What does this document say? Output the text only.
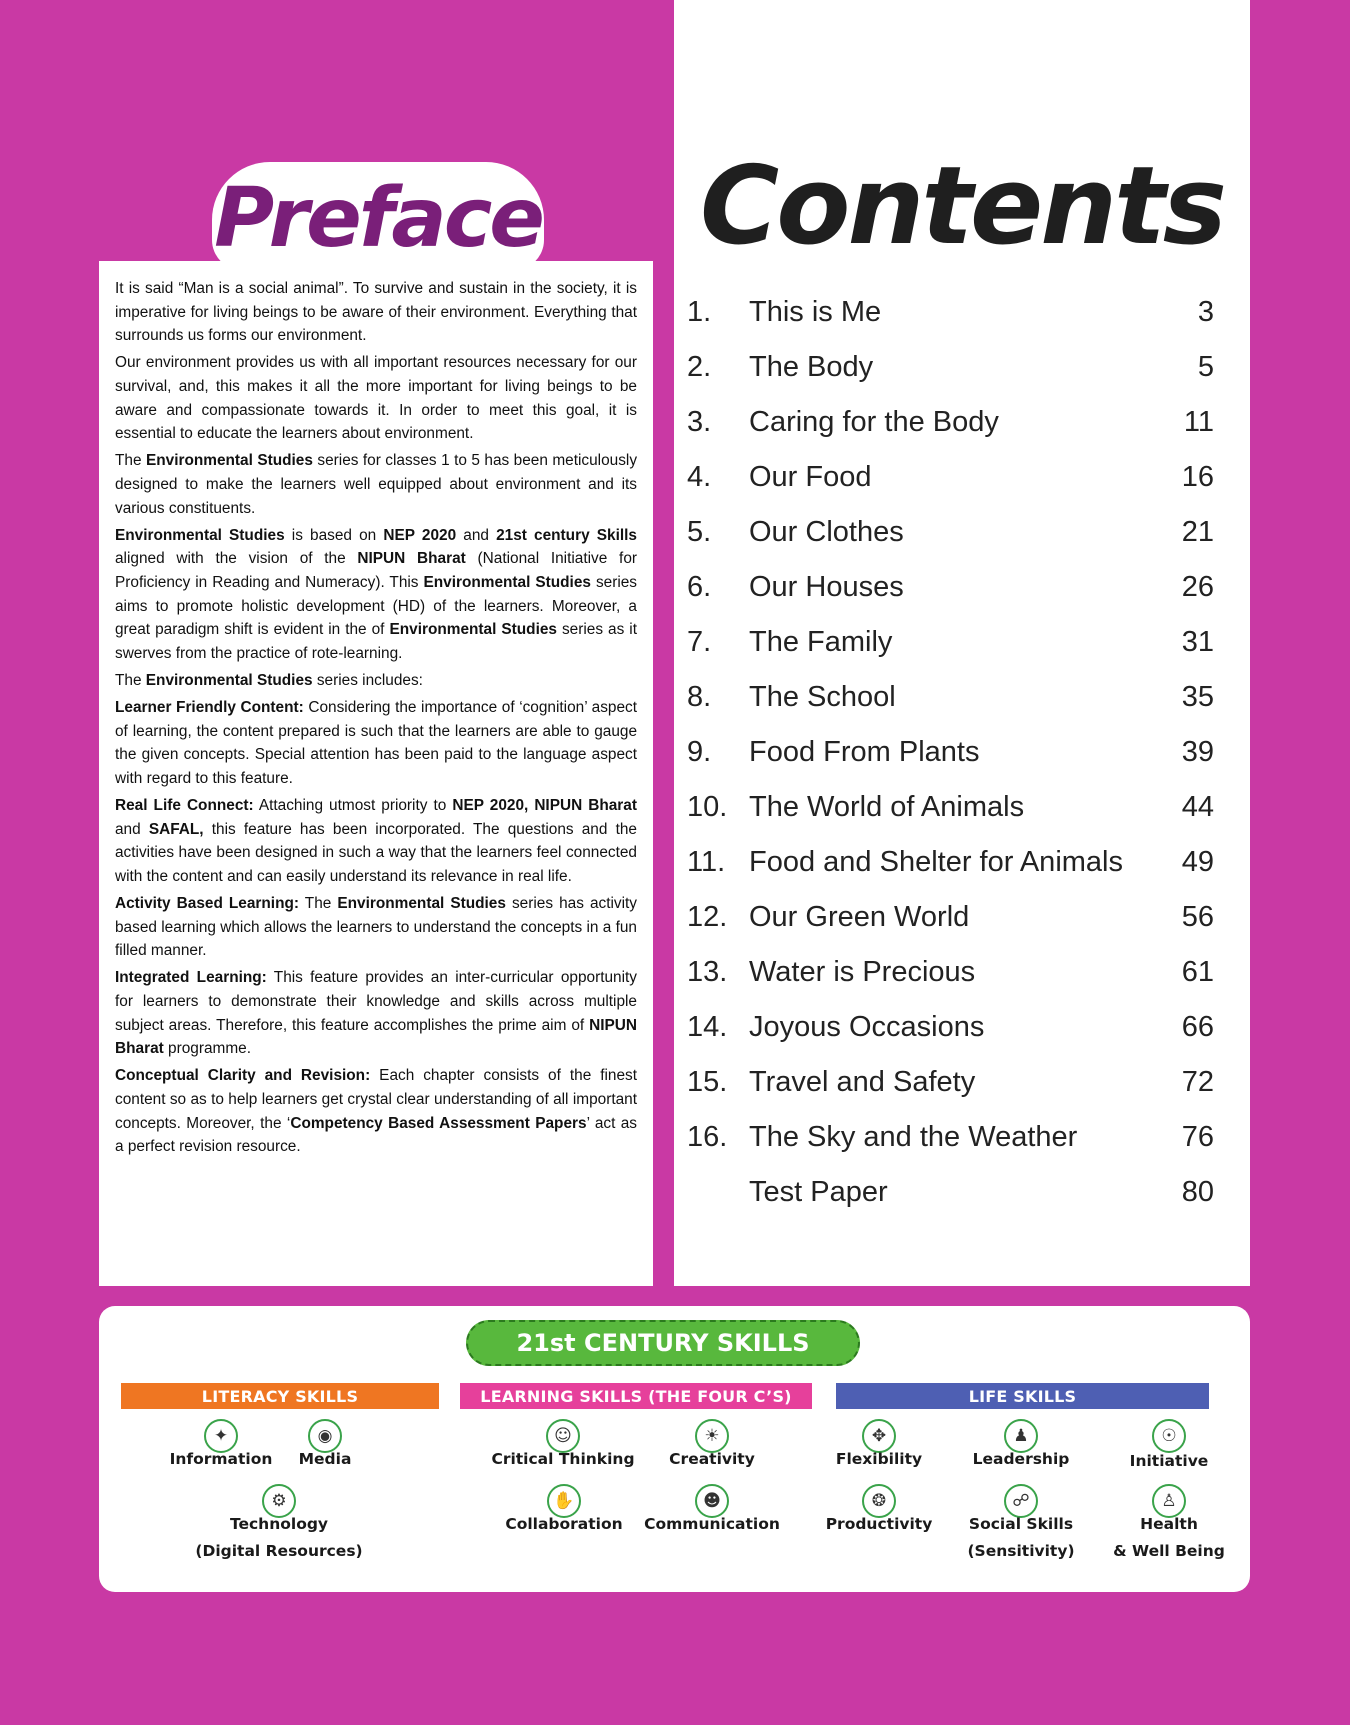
It is said “Man is a social animal”. To survive and sustain in the society, it is imperative for living beings to be aware of their environment. Everything that surrounds us forms our environment.

Our environment provides us with all important resources necessary for our survival, and, this makes it all the more important for living beings to be aware and compassionate towards it. In order to meet this goal, it is essential to educate the learners about environment.

The Environmental Studies series for classes 1 to 5 has been meticulously designed to make the learners well equipped about environment and its various constituents.

Environmental Studies is based on NEP 2020 and 21st century Skills aligned with the vision of the NIPUN Bharat (National Initiative for Proficiency in Reading and Numeracy). This Environmental Studies series aims to promote holistic development (HD) of the learners. Moreover, a great paradigm shift is evident in the of Environmental Studies series as it swerves from the practice of rote-learning.

The Environmental Studies series includes:

Learner Friendly Content: Considering the importance of ‘cognition’ aspect of learning, the content prepared is such that the learners are able to gauge the given concepts. Special attention has been paid to the language aspect with regard to this feature.

Real Life Connect: Attaching utmost priority to NEP 2020, NIPUN Bharat and SAFAL, this feature has been incorporated. The questions and the activities have been designed in such a way that the learners feel connected with the content and can easily understand its relevance in real life.

Activity Based Learning: The Environmental Studies series has activity based learning which allows the learners to understand the concepts in a fun filled manner.

Integrated Learning: This feature provides an inter-curricular opportunity for learners to demonstrate their knowledge and skills across multiple subject areas. Therefore, this feature accomplishes the prime aim of NIPUN Bharat programme.

Conceptual Clarity and Revision: Each chapter consists of the finest content so as to help learners get crystal clear understanding of all important concepts. Moreover, the ‘Competency Based Assessment Papers’ act as a perfect revision resource.

Preface Contents
1. This is Me	3
2. The Body	5
3. Caring for the Body	11
4. Our Food	16
5. Our Clothes	21
6. Our Houses	26
7. The Family	31
8. The School	35
9. Food From Plants	39
10. The World of Animals	44
11. Food and Shelter for Animals 49
12. Our Green World	56
13. Water is Precious	61
14. Joyous Occasions	66
15. Travel and Safety	72
16. The Sky and the Weather	76
Test Paper	80
21st CENTURY SKILLS
LITERACY SKILLS	LEARNING SKILLS (THE FOUR C’S)	LIFE SKILLS
✦
Information
◉
Media
⚙
Technology
(Digital Resources)
☺
Critical Thinking
☀
Creativity
✋
Collaboration
☻
Communication
✥
Flexibility
♟
Leadership
☉
Initiative
❂
Productivity
☍
Social Skills
(Sensitivity)
♙
Health
& Well Being
